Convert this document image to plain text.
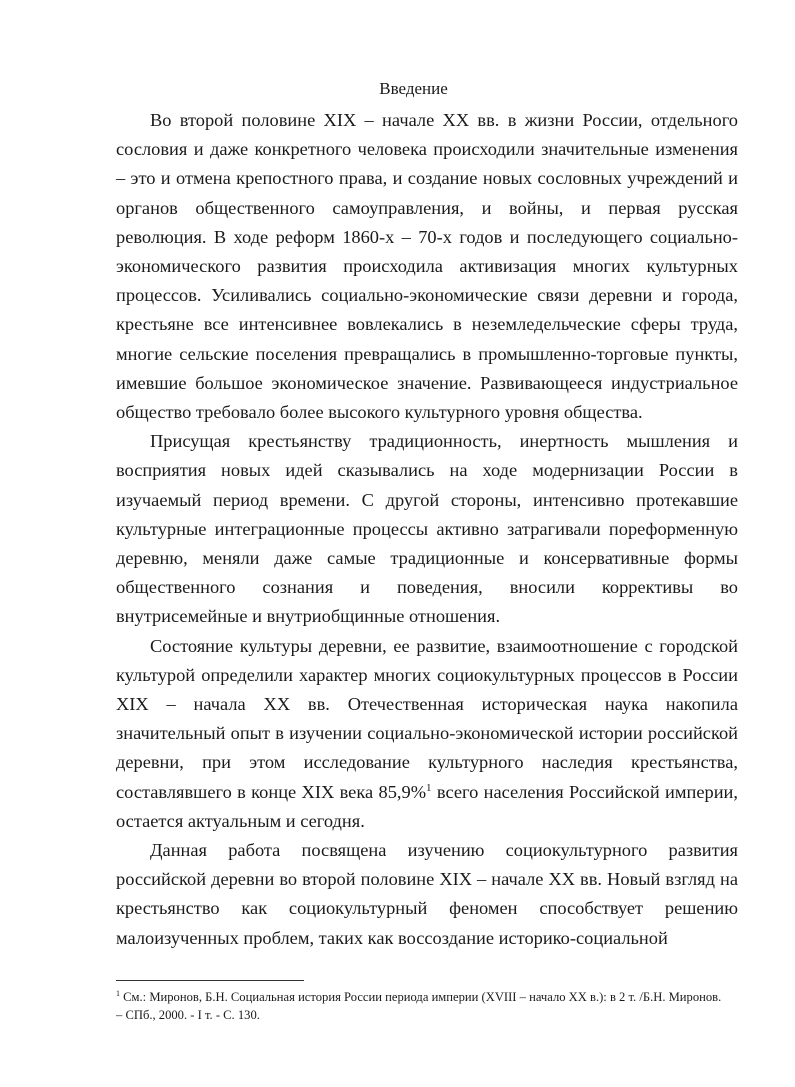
Введение

Во второй половине XIX – начале XX вв. в жизни России, отдельного сословия и даже конкретного человека происходили значительные изменения – это и отмена крепостного права, и создание новых сословных учреждений и органов общественного самоуправления, и войны, и первая русская революция. В ходе реформ 1860-х – 70-х годов и последующего социально-экономического развития происходила активизация многих культурных процессов. Усиливались социально-экономические связи деревни и города, крестьяне все интенсивнее вовлекались в неземледельческие сферы труда, многие сельские поселения превращались в промышленно-торговые пункты, имевшие большое экономическое значение. Развивающееся индустриальное общество требовало более высокого культурного уровня общества.

Присущая крестьянству традиционность, инертность мышления и восприятия новых идей сказывались на ходе модернизации России в изучаемый период времени. С другой стороны, интенсивно протекавшие культурные интеграционные процессы активно затрагивали пореформенную деревню, меняли даже самые традиционные и консервативные формы общественного сознания и поведения, вносили коррективы во внутрисемейные и внутриобщинные отношения.

Состояние культуры деревни, ее развитие, взаимоотношение с городской культурой определили характер многих социокультурных процессов в России XIX – начала XX вв. Отечественная историческая наука накопила значительный опыт в изучении социально-экономической истории российской деревни, при этом исследование культурного наследия крестьянства, составлявшего в конце XIX века 85,9%$^1$ всего населения Российской империи, остается актуальным и сегодня.

Данная работа посвящена изучению социокультурного развития российской деревни во второй половине XIX – начале XX вв. Новый взгляд на крестьянство как социокультурный феномен способствует решению малоизученных проблем, таких как воссоздание историко-социальной

$^1$ См.: Миронов, Б.Н. Социальная история России периода империи (XVIII – начало XX в.): в 2 т. /Б.Н. Миронов. – СПб., 2000. - I т. - С. 130.
